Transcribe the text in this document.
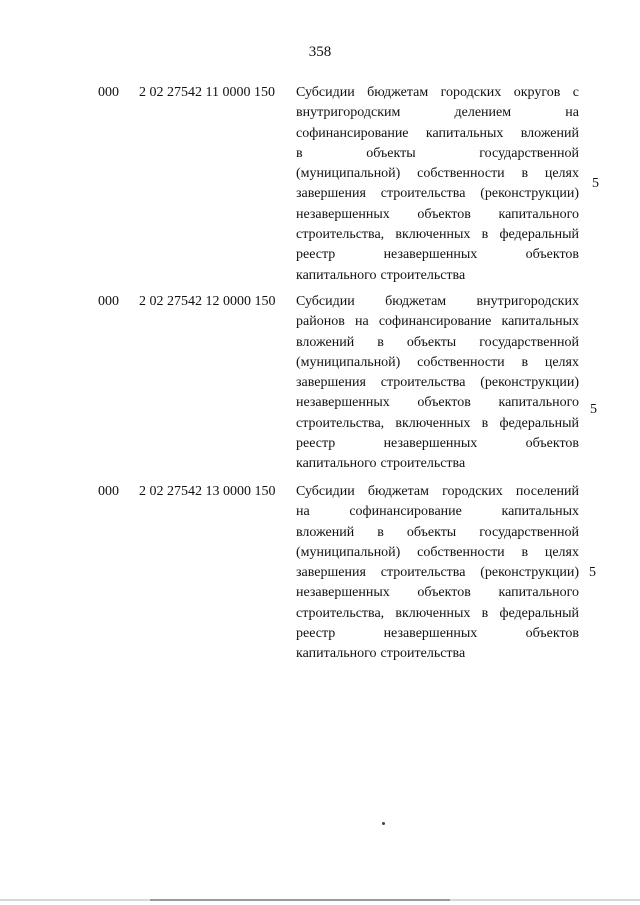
358
000 2 02 27542 11 0000 150 Субсидии бюджетам городских округов с
внутригородским	делением	на
софинансирование капитальных вложений
в	объекты	государственной
(муниципальной) собственности в целях
завершения строительства (реконструкции)
незавершенных объектов капитального
строительства, включенных в федеральный
реестр	незавершенных	объектов
капитального строительства
5
000 2 02 27542 12 0000 150 Субсидии бюджетам внутригородских
районов на софинансирование капитальных
вложений в объекты государственной
(муниципальной) собственности в целях
завершения строительства (реконструкции)
незавершенных объектов капитального
строительства, включенных в федеральный
реестр	незавершенных	объектов
капитального строительства
5
000 2 02 27542 13 0000 150 Субсидии бюджетам городских поселений
на	софинансирование	капитальных
вложений в объекты государственной
(муниципальной) собственности в целях
завершения строительства (реконструкции)
незавершенных объектов капитального
строительства, включенных в федеральный
реестр	незавершенных	объектов
капитального строительства
5
